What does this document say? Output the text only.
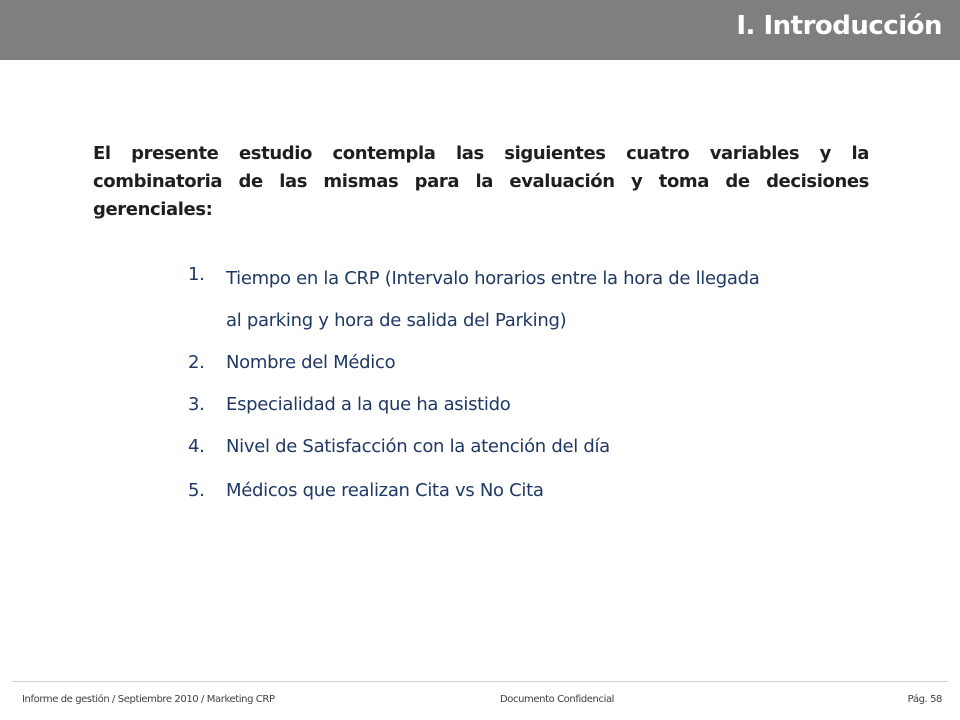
I. Introducción

El presente estudio contempla las siguientes cuatro variables y la combinatoria de las mismas para la evaluación y toma de decisiones gerenciales:

1. Tiempo en la CRP (Intervalo horarios entre la hora de llegada
al parking y hora de salida del Parking)
2. Nombre del Médico
3. Especialidad a la que ha asistido
4. Nivel de Satisfacción con la atención del día
5. Médicos que realizan Cita vs No Cita
Informe de gestión / Septiembre 2010 / Marketing CRP	Documento Confidencial	Pág. 58
